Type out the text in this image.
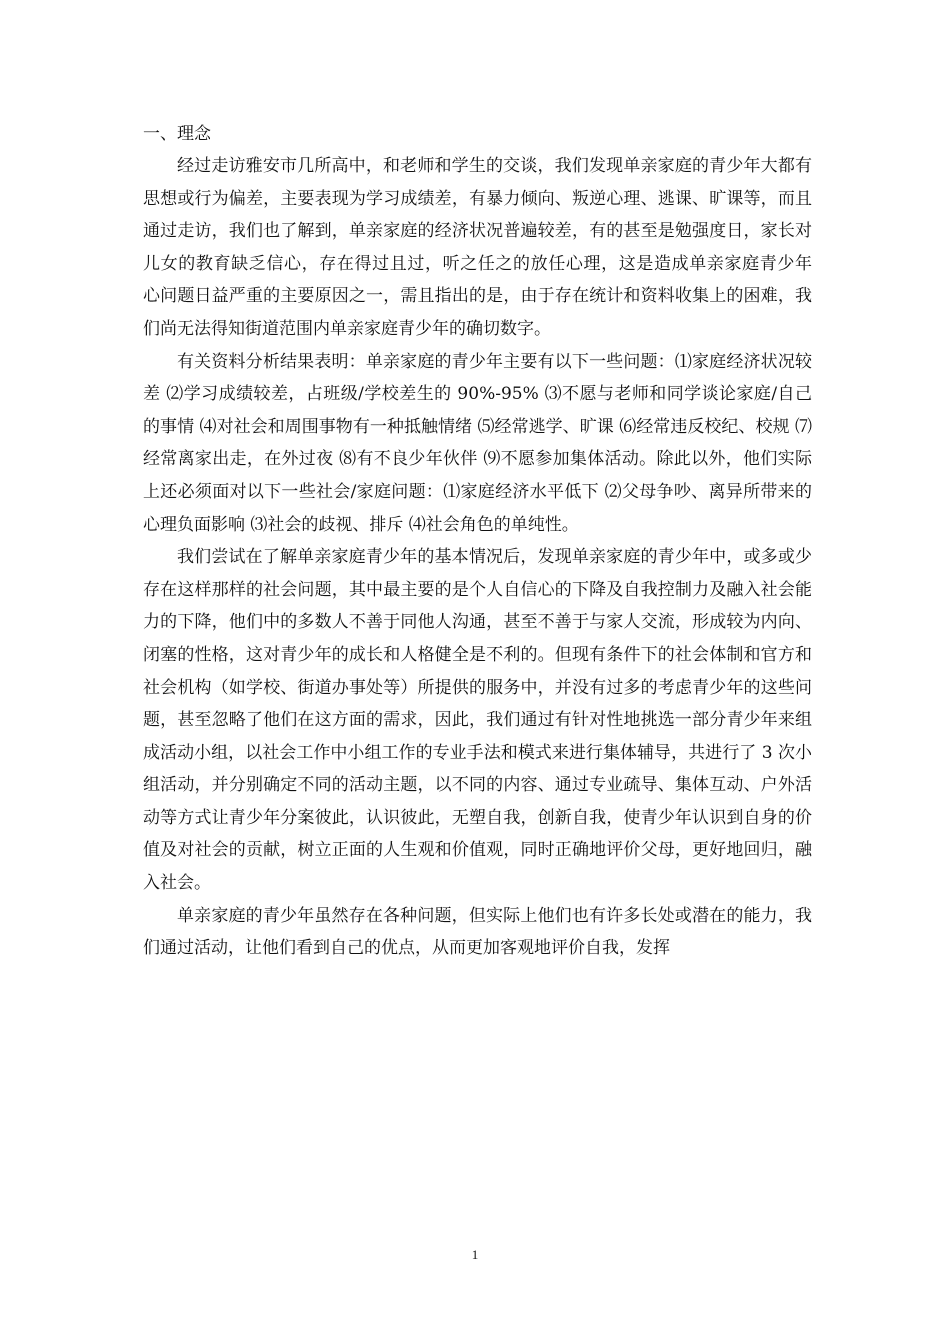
一、理念

经过走访雅安市几所高中，和老师和学生的交谈，我们发现单亲家庭的青少年大都有思想或行为偏差，主要表现为学习成绩差，有暴力倾向、叛逆心理、逃课、旷课等，而且通过走访，我们也了解到，单亲家庭的经济状况普遍较差，有的甚至是勉强度日，家长对儿女的教育缺乏信心，存在得过且过，听之任之的放任心理，这是造成单亲家庭青少年　　心问题日益严重的主要原因之一，需且指出的是，由于存在统计和资料收集上的困难，我们尚无法得知街道范围内单亲家庭青少年的确切数字。

有关资料分析结果表明：单亲家庭的青少年主要有以下一些问题：⑴家庭经济状况较差 ⑵学习成绩较差，占班级/学校差生的 90%-95% ⑶不愿与老师和同学谈论家庭/自己的事情 ⑷对社会和周围事物有一种抵触情绪 ⑸经常逃学、旷课 ⑹经常违反校纪、校规 ⑺经常离家出走，在外过夜 ⑻有不良少年伙伴 ⑼不愿参加集体活动。除此以外，他们实际上还必须面对以下一些社会/家庭问题：⑴家庭经济水平低下 ⑵父母争吵、离异所带来的心理负面影响 ⑶社会的歧视、排斥 ⑷社会角色的单纯性。

我们尝试在了解单亲家庭青少年的基本情况后，发现单亲家庭的青少年中，或多或少存在这样那样的社会问题，其中最主要的是个人自信心的下降及自我控制力及融入社会能力的下降，他们中的多数人不善于同他人沟通，甚至不善于与家人交流，形成较为内向、闭塞的性格，这对青少年的成长和人格健全是不利的。但现有条件下的社会体制和官方和社会机构（如学校、街道办事处等）所提供的服务中，并没有过多的考虑青少年的这些问题，甚至忽略了他们在这方面的需求，因此，我们通过有针对性地挑选一部分青少年来组成活动小组，以社会工作中小组工作的专业手法和模式来进行集体辅导，共进行了 3 次小组活动，并分别确定不同的活动主题，以不同的内容、通过专业疏导、集体互动、户外活动等方式让青少年分案彼此，认识彼此，无塑自我，创新自我，使青少年认识到自身的价值及对社会的贡献，树立正面的人生观和价值观，同时正确地评价父母，更好地回归，融入社会。

单亲家庭的青少年虽然存在各种问题，但实际上他们也有许多长处或潜在的能力，我们通过活动，让他们看到自己的优点，从而更加客观地评价自我，发挥

1
